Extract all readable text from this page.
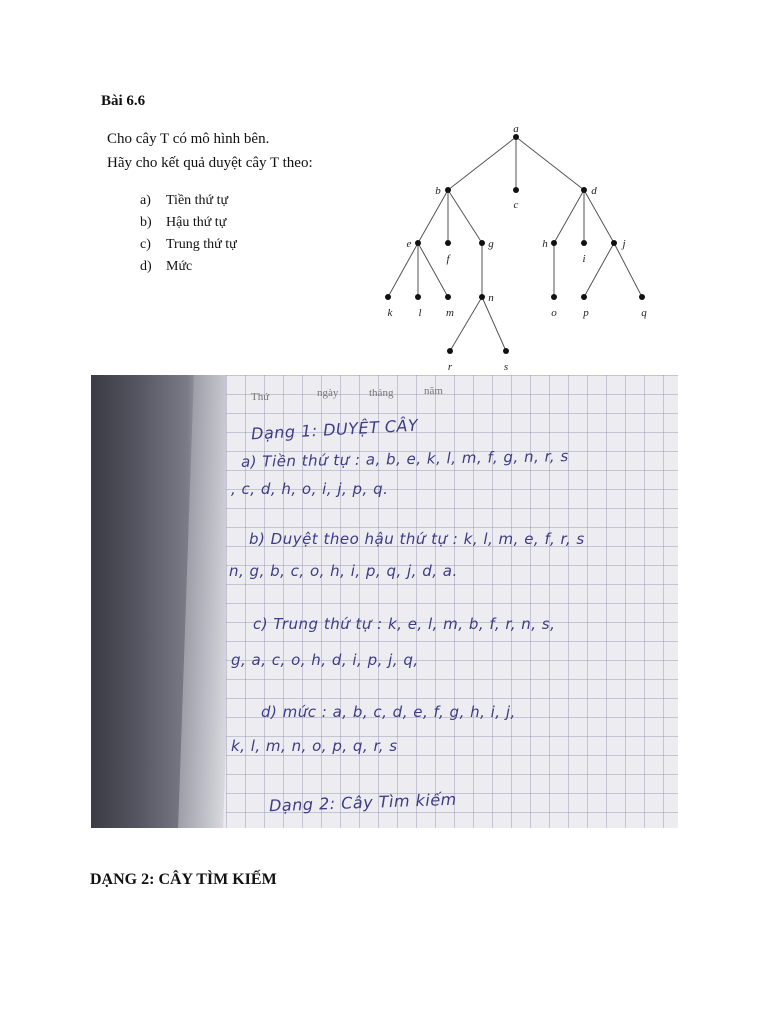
Bài 6.6
Cho cây T có mô hình bên.
Hãy cho kết quả duyệt cây T theo:
a) Tiền thứ tự
b) Hậu thứ tự
c) Trung thứ tự
d) Mức
a
b
c
d
e
f
g	h
i
j
k l m
n
o p	q
r	s
Thứ	ngày	tháng	năm
Dạng 1: DUYỆT CÂY
a) Tiền thứ tự : a, b, e, k, l, m, f, g, n, r, s
, c, d, h, o, i, j, p, q.
b) Duyệt theo hậu thứ tự : k, l, m, e, f, r, s
n, g, b, c, o, h, i, p, q, j, d, a.
c) Trung thứ tự : k, e, l, m, b, f, r, n, s,
g, a, c, o, h, d, i, p, j, q,
d) mức : a, b, c, d, e, f, g, h, i, j,
k, l, m, n, o, p, q, r, s
Dạng 2: Cây Tìm kiếm
DẠNG 2: CÂY TÌM KIẾM
